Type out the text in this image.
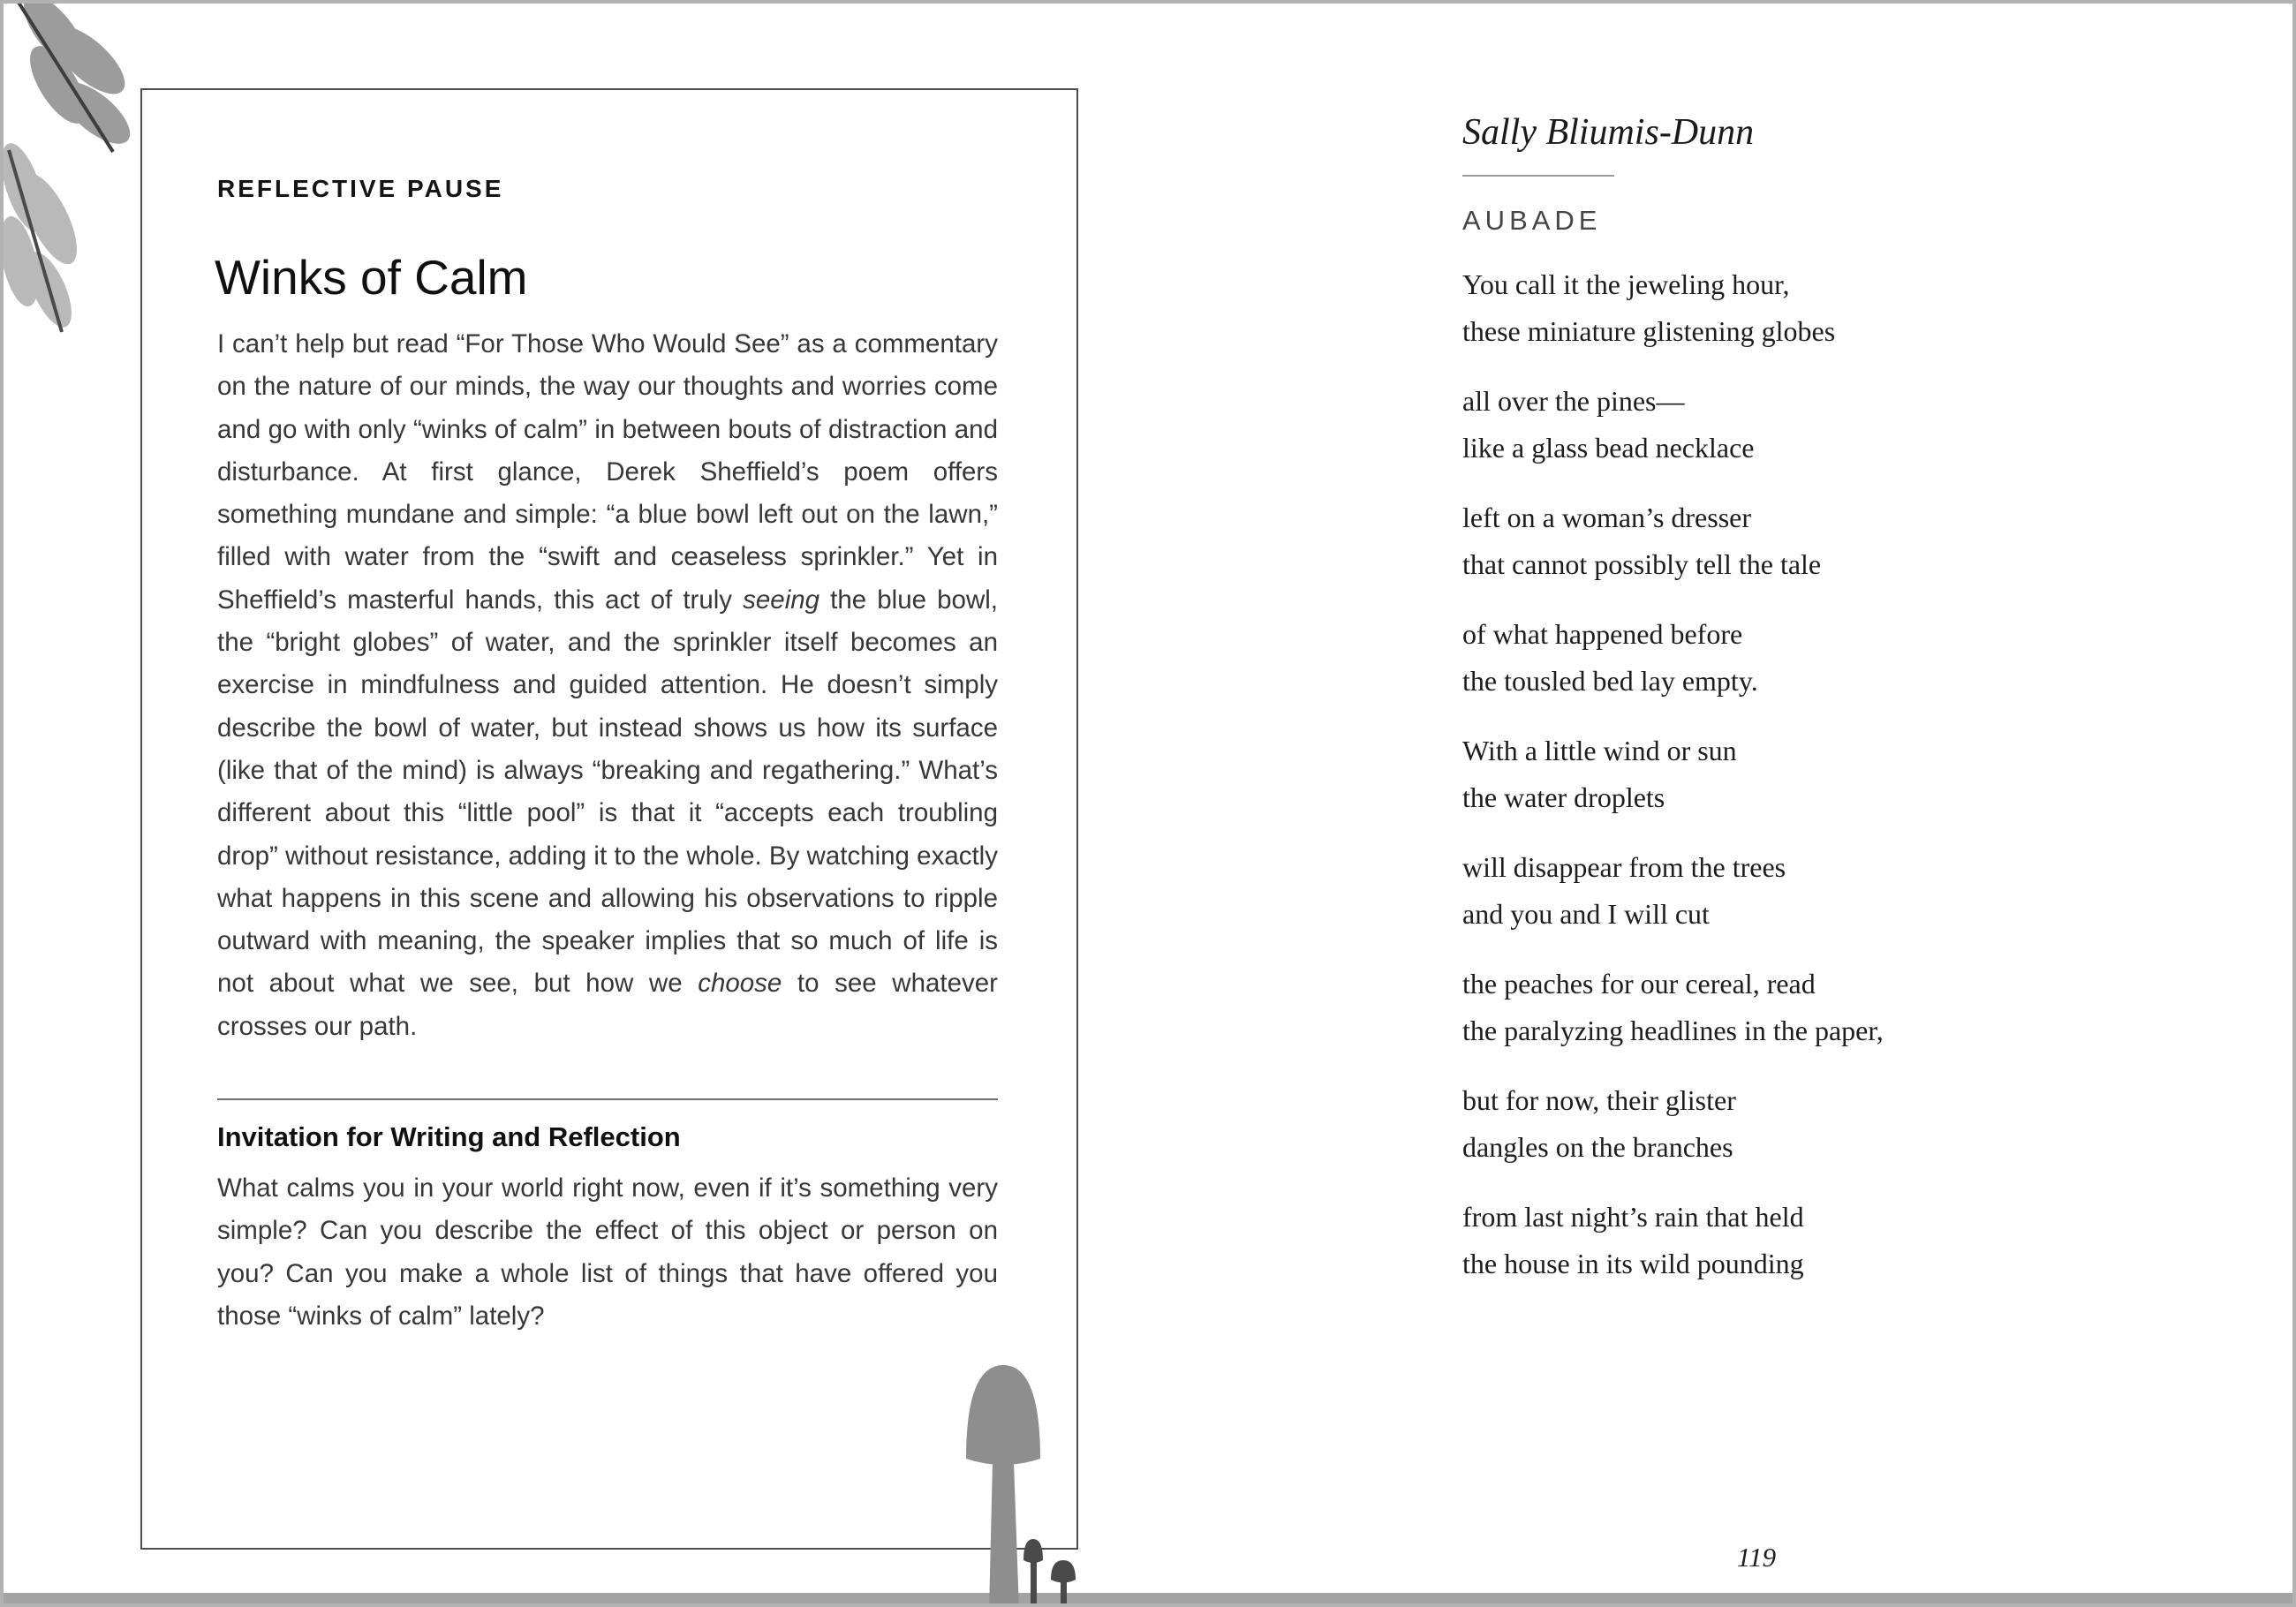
REFLECTIVE PAUSE
Winks of Calm

I can’t help but read “For Those Who Would See” as a commentary on the nature of our minds, the way our thoughts and worries come and go with only “winks of calm” in between bouts of distraction and disturbance. At first glance, Derek Sheffield’s poem offers something mundane and simple: “a blue bowl left out on the lawn,” filled with water from the “swift and ceaseless sprinkler.” Yet in Sheffield’s masterful hands, this act of truly seeing the blue bowl, the “bright globes” of water, and the sprinkler itself becomes an exercise in mindfulness and guided attention. He doesn’t simply describe the bowl of water, but instead shows us how its surface (like that of the mind) is always “breaking and regathering.” What’s different about this “little pool” is that it “accepts each troubling drop” without resistance, adding it to the whole. By watching exactly what happens in this scene and allowing his observations to ripple outward with meaning, the speaker implies that so much of life is not about what we see, but how we choose to see whatever crosses our path.

Invitation for Writing and Reflection

What calms you in your world right now, even if it’s something very simple? Can you describe the effect of this object or person on you? Can you make a whole list of things that have offered you those “winks of calm” lately?

Sally Bliumis-Dunn
AUBADE
You call it the jeweling hour,
these miniature glistening globes
all over the pines—
like a glass bead necklace
left on a woman’s dresser
that cannot possibly tell the tale
of what happened before
the tousled bed lay empty.
With a little wind or sun
the water droplets
will disappear from the trees
and you and I will cut
the peaches for our cereal, read
the paralyzing headlines in the paper,
but for now, their glister
dangles on the branches
from last night’s rain that held
the house in its wild pounding
119
